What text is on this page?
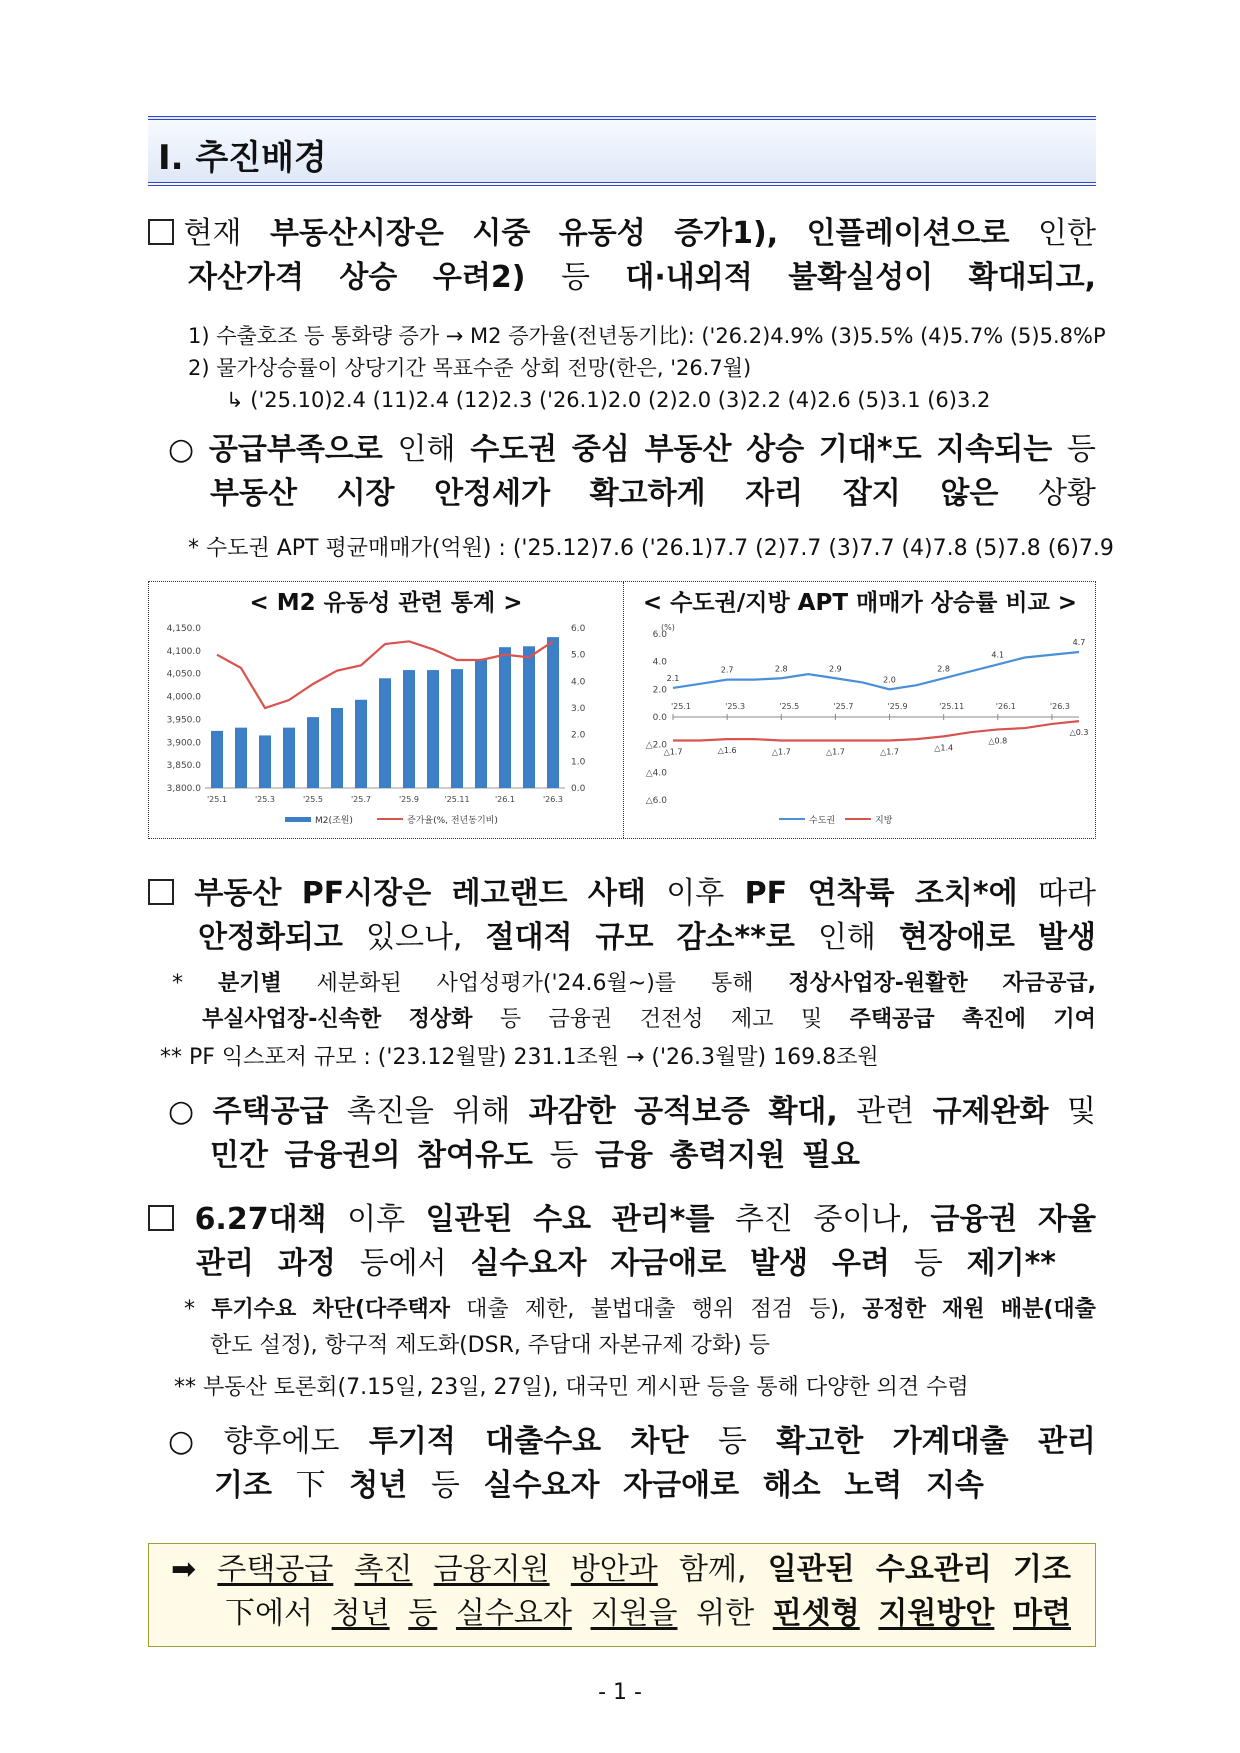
Ⅰ. 추진배경
현재 부동산시장은 시중 유동성 증가1), 인플레이션으로 인한
자산가격 상승 우려2) 등 대·내외적 불확실성이 확대되고,
1) 수출호조 등 통화량 증가 → M2 증가율(전년동기比): ('26.2)4.9% (3)5.5% (4)5.7% (5)5.8%P
2) 물가상승률이 상당기간 목표수준 상회 전망(한은, '26.7월)
↳ ('25.10)2.4 (11)2.4 (12)2.3 ('26.1)2.0 (2)2.0 (3)2.2 (4)2.6 (5)3.1 (6)3.2
○ 공급부족으로 인해 수도권 중심 부동산 상승 기대*도 지속되는 등
부동산 시장 안정세가 확고하게 자리 잡지 않은 상황
* 수도권 APT 평균매매가(억원) : ('25.12)7.6 ('26.1)7.7 (2)7.7 (3)7.7 (4)7.8 (5)7.8 (6)7.9
< M2 유동성 관련 통계 >	< 수도권/지방 APT 매매가 상승률 비교 >
4,150.0
4,100.0
4,050.0
4,000.0
3,950.0
3,900.0
3,850.0
3,800.0
6.0
5.0
4.0
3.0
2.0
1.0
0.0
'25.1	'25.3	'25.5	'25.7	'25.9	'25.11	'26.1	'26.3
M2(조원)	증가율(%, 전년동기비)
(%)
6.0
4.0
2.0
0.0
△2.0
△4.0
△6.0
'25.1	'25.3	'25.5	'25.7	'25.9	'25.11	'26.1	'26.3
2.1
2.7	2.8	2.9
2.0
2.8
4.1
4.7
△1.7	△1.6	△1.7	△1.7	△1.7	△1.4
△0.8
△0.3
수도권	지방
부동산 PF시장은 레고랜드 사태 이후 PF 연착륙 조치*에 따라
안정화되고 있으나, 절대적 규모 감소**로 인해 현장애로 발생
* 분기별 세분화된 사업성평가('24.6월~)를 통해 정상사업장-원활한 자금공급,
부실사업장-신속한 정상화 등 금융권 건전성 제고 및 주택공급 촉진에 기여
** PF 익스포저 규모 : ('23.12월말) 231.1조원 → ('26.3월말) 169.8조원
○ 주택공급 촉진을 위해 과감한 공적보증 확대, 관련 규제완화 및
민간 금융권의 참여유도 등 금융 총력지원 필요
6.27대책 이후 일관된 수요 관리*를 추진 중이나, 금융권 자율
관리 과정 등에서 실수요자 자금애로 발생 우려 등 제기**
* 투기수요 차단(다주택자 대출 제한, 불법대출 행위 점검 등), 공정한 재원 배분(대출
한도 설정), 항구적 제도화(DSR, 주담대 자본규제 강화) 등
** 부동산 토론회(7.15일, 23일, 27일), 대국민 게시판 등을 통해 다양한 의견 수렴
○ 향후에도 투기적 대출수요 차단 등 확고한 가계대출 관리
기조 下 청년 등 실수요자 자금애로 해소 노력 지속
➡ 주택공급 촉진 금융지원 방안과 함께, 일관된 수요관리 기조
下에서 청년 등 실수요자 지원을 위한 핀셋형 지원방안 마련
- 1 -
